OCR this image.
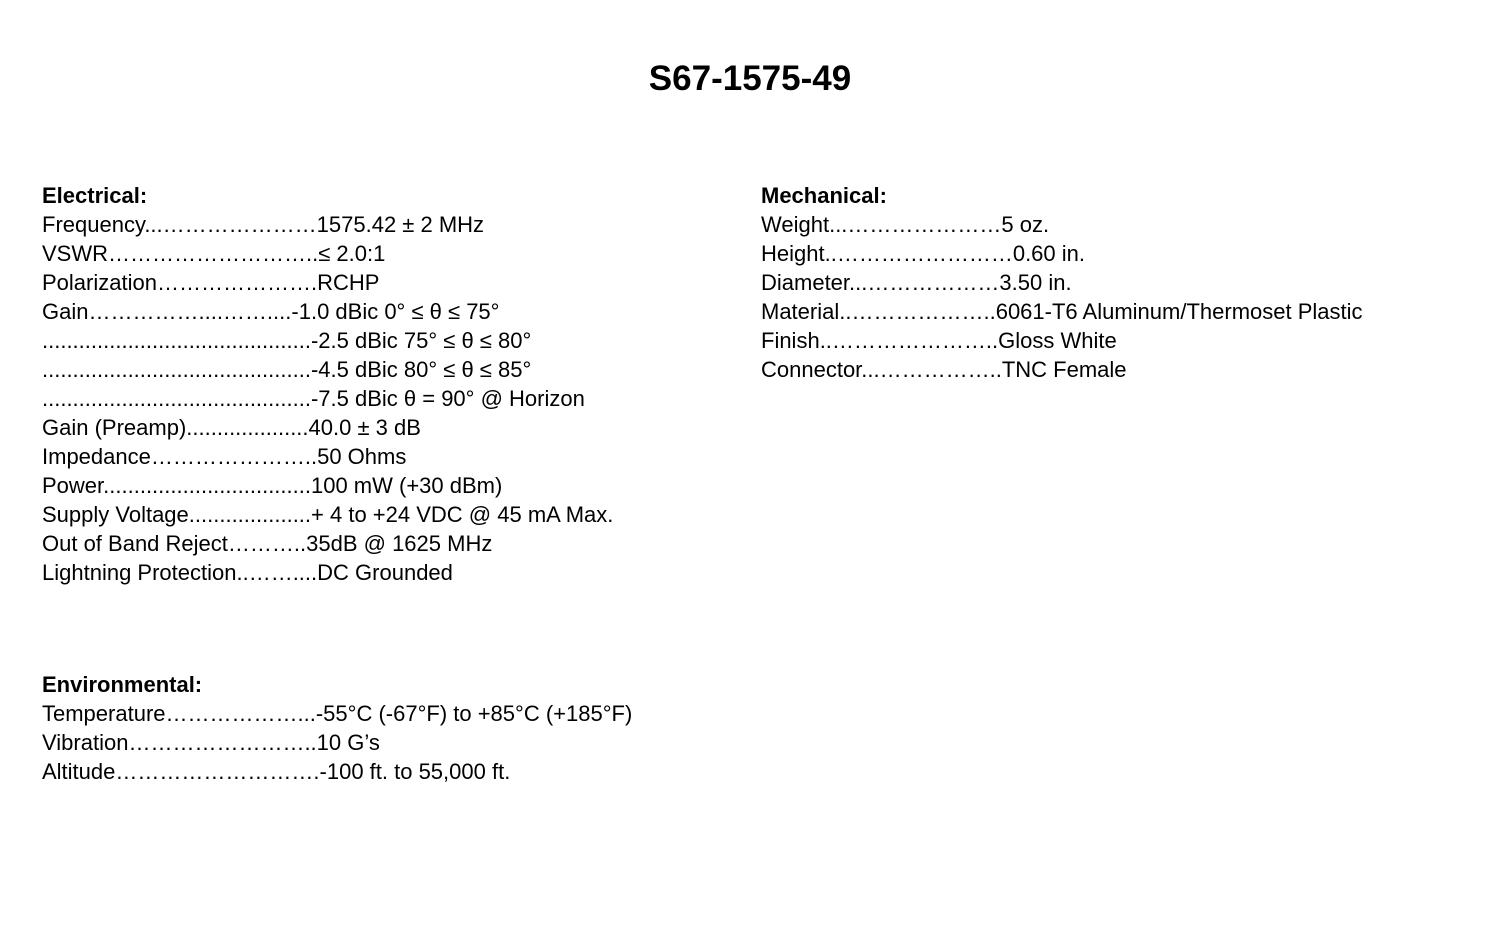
S67-1575-49
Electrical:
Frequency...…………………1575.42 ± 2 MHz
VSWR………………………..≤ 2.0:1
Polarization………………….RCHP
Gain……………....……....-1.0 dBic 0° ≤ θ ≤ 75°
............................................-2.5 dBic 75° ≤ θ ≤ 80°
............................................-4.5 dBic 80° ≤ θ ≤ 85°
............................................-7.5 dBic θ = 90° @ Horizon
Gain (Preamp)....................40.0 ± 3 dB
Impedance…………………..50 Ohms
Power..................................100 mW (+30 dBm)
Supply Voltage....................+ 4 to +24 VDC @ 45 mA Max.
Out of Band Reject………..35dB @ 1625 MHz
Lightning Protection..……....DC Grounded
Mechanical:
Weight...…………………5 oz.
Height..……………………0.60 in.
Diameter...………………3.50 in.
Material..………………..6061-T6 Aluminum/Thermoset Plastic
Finish..…………………..Gloss White
Connector...……………..TNC Female
Environmental:
Temperature………………...-55°C (-67°F) to +85°C (+185°F)
Vibration……………………..10 G’s
Altitude……………………….-100 ft. to 55,000 ft.
